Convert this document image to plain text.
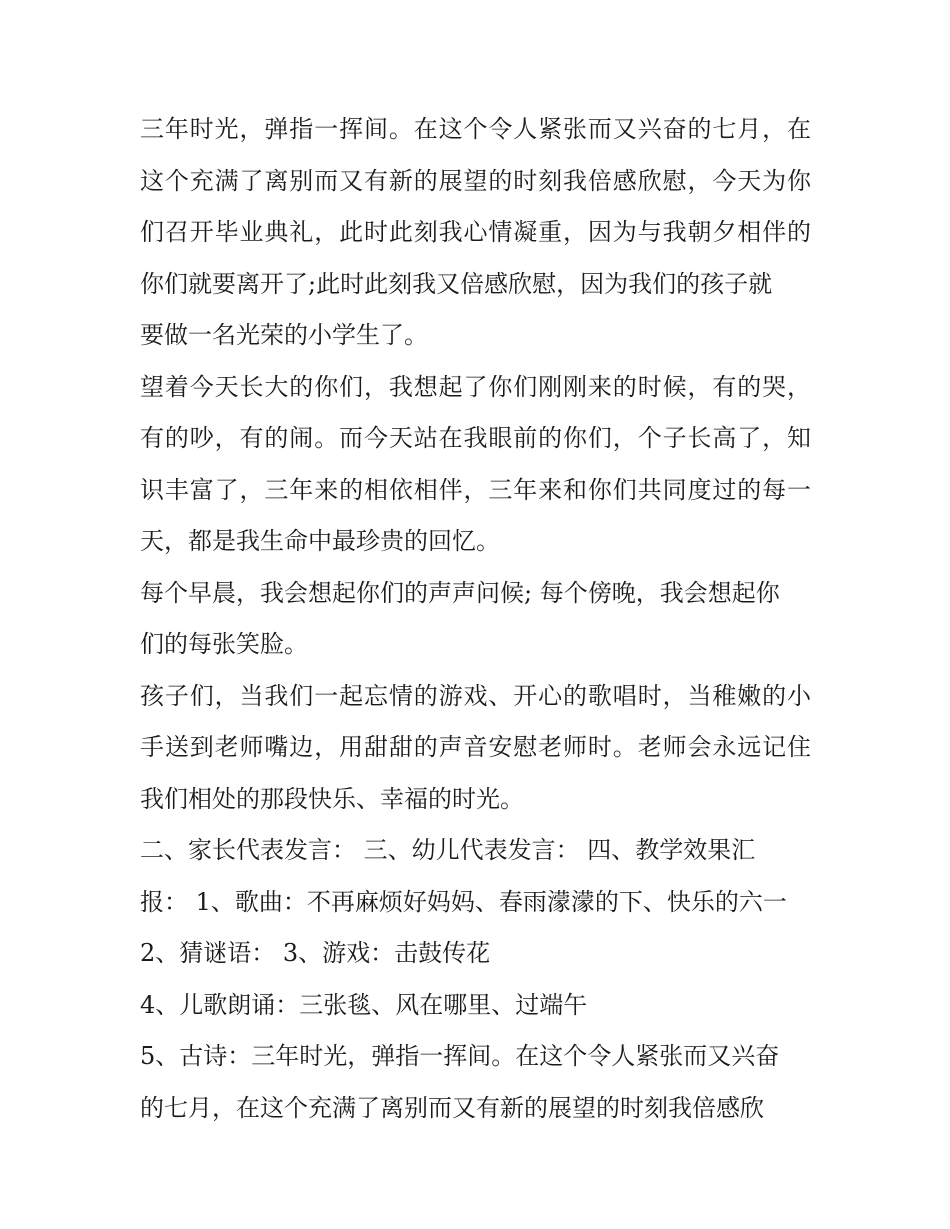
三年时光，弹指一挥间。在这个令人紧张而又兴奋的七月，在
这个充满了离别而又有新的展望的时刻我倍感欣慰，今天为你
们召开毕业典礼，此时此刻我心情凝重，因为与我朝夕相伴的
你们就要离开了;此时此刻我又倍感欣慰，因为我们的孩子就
要做一名光荣的小学生了。
望着今天长大的你们，我想起了你们刚刚来的时候，有的哭，
有的吵，有的闹。而今天站在我眼前的你们，个子长高了，知
识丰富了，三年来的相依相伴，三年来和你们共同度过的每一
天，都是我生命中最珍贵的回忆。
每个早晨，我会想起你们的声声问候; 每个傍晚，我会想起你
们的每张笑脸。
孩子们，当我们一起忘情的游戏、开心的歌唱时，当稚嫩的小
手送到老师嘴边，用甜甜的声音安慰老师时。老师会永远记住
我们相处的那段快乐、幸福的时光。
二、家长代表发言： 三、幼儿代表发言： 四、教学效果汇
报： 1、歌曲：不再麻烦好妈妈、春雨濛濛的下、快乐的六一
2、猜谜语： 3、游戏：击鼓传花
4、儿歌朗诵：三张毯、风在哪里、过端午
5、古诗：三年时光，弹指一挥间。在这个令人紧张而又兴奋
的七月，在这个充满了离别而又有新的展望的时刻我倍感欣
